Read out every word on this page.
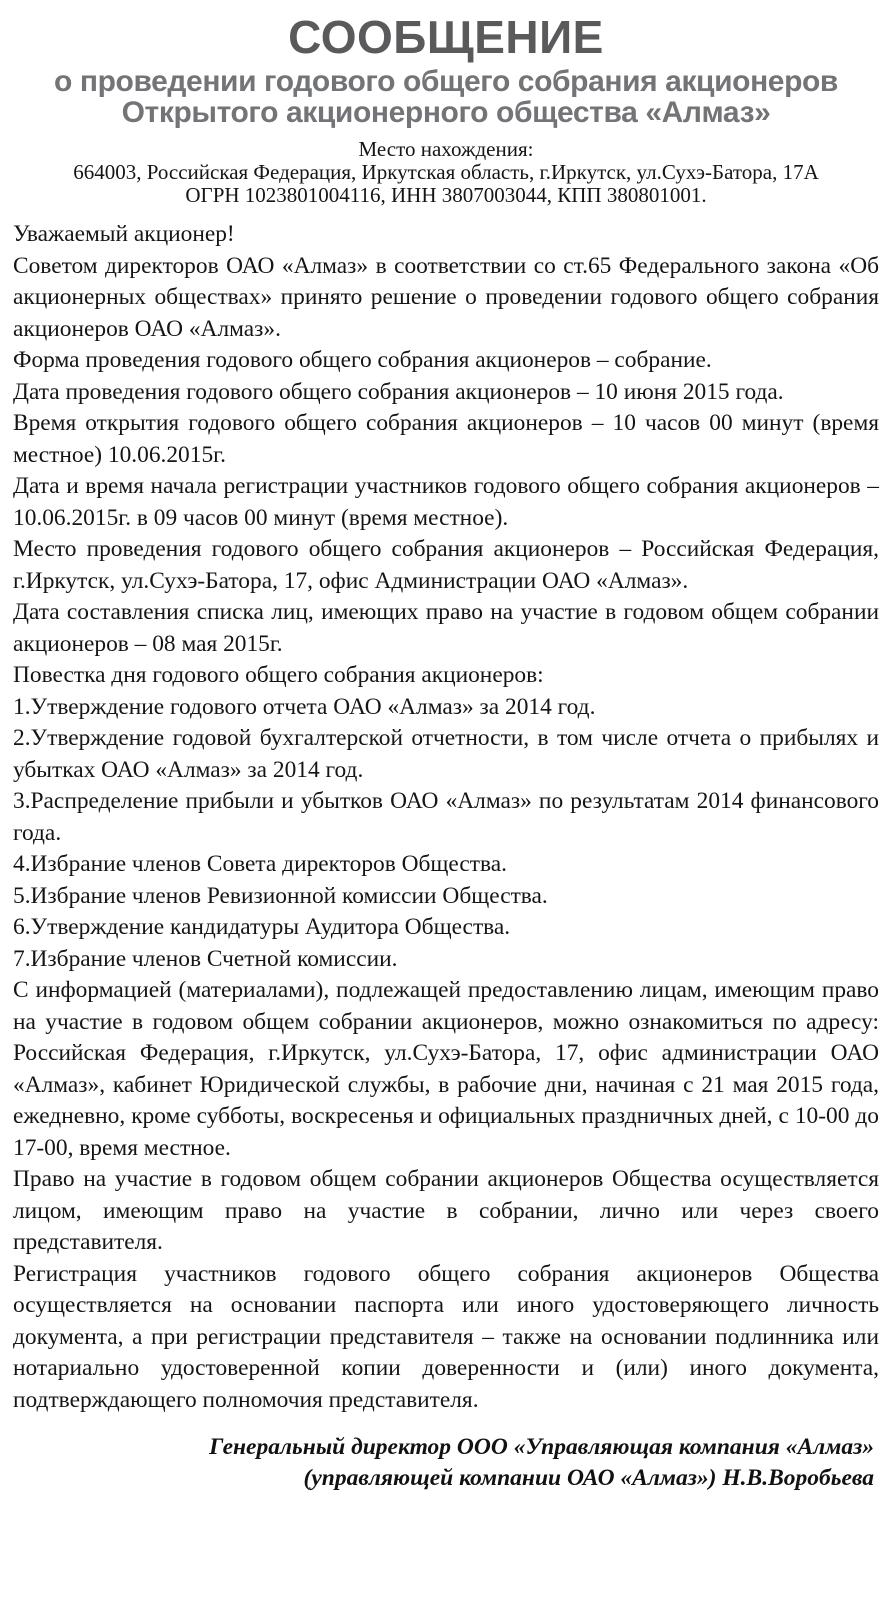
СООБЩЕНИЕ
о проведении годового общего собрания акционеров
Открытого акционерного общества «Алмаз»
Место нахождения:
664003, Российская Федерация, Иркутская область, г.Иркутск, ул.Сухэ-Батора, 17А
ОГРН 1023801004116, ИНН 3807003044, КПП 380801001.

Уважаемый акционер!

Советом директоров ОАО «Алмаз» в соответствии со ст.65 Федерального закона «Об акционерных обществах» принято решение о проведении годового общего собрания акционеров ОАО «Алмаз».

Форма проведения годового общего собрания акционеров – собрание.

Дата проведения годового общего собрания акционеров – 10 июня 2015 года.

Время открытия годового общего собрания акционеров – 10 часов 00 минут (время местное) 10.06.2015г.

Дата и время начала регистрации участников годового общего собрания акционеров – 10.06.2015г. в 09 часов 00 минут (время местное).

Место проведения годового общего собрания акционеров – Российская Федерация, г.Иркутск, ул.Сухэ-Батора, 17, офис Администрации ОАО «Алмаз».

Дата составления списка лиц, имеющих право на участие в годовом общем собрании акционеров – 08 мая 2015г.

Повестка дня годового общего собрания акционеров:

1.Утверждение годового отчета ОАО «Алмаз» за 2014 год.

2.Утверждение годовой бухгалтерской отчетности, в том числе отчета о прибылях и убытках ОАО «Алмаз» за 2014 год.

3.Распределение прибыли и убытков ОАО «Алмаз» по результатам 2014 финансового года.

4.Избрание членов Совета директоров Общества.

5.Избрание членов Ревизионной комиссии Общества.

6.Утверждение кандидатуры Аудитора Общества.

7.Избрание членов Счетной комиссии.

С информацией (материалами), подлежащей предоставлению лицам, имеющим право на участие в годовом общем собрании акционеров, можно ознакомиться по адресу: Российская Федерация, г.Иркутск, ул.Сухэ-Батора, 17, офис администрации ОАО «Алмаз», кабинет Юридической службы, в рабочие дни, начиная с 21 мая 2015 года, ежедневно, кроме субботы, воскресенья и официальных праздничных дней, с 10-00 до 17-00, время местное.

Право на участие в годовом общем собрании акционеров Общества осуществляется лицом, имеющим право на участие в собрании, лично или через своего представителя.

Регистрация участников годового общего собрания акционеров Общества осуществляется на основании паспорта или иного удостоверяющего личность документа, а при регистрации представителя – также на основании подлинника или нотариально удостоверенной копии доверенности и (или) иного документа, подтверждающего полномочия представителя.

Генеральный директор ООО «Управляющая компания «Алмаз»
(управляющей компании ОАО «Алмаз») Н.В.Воробьева
